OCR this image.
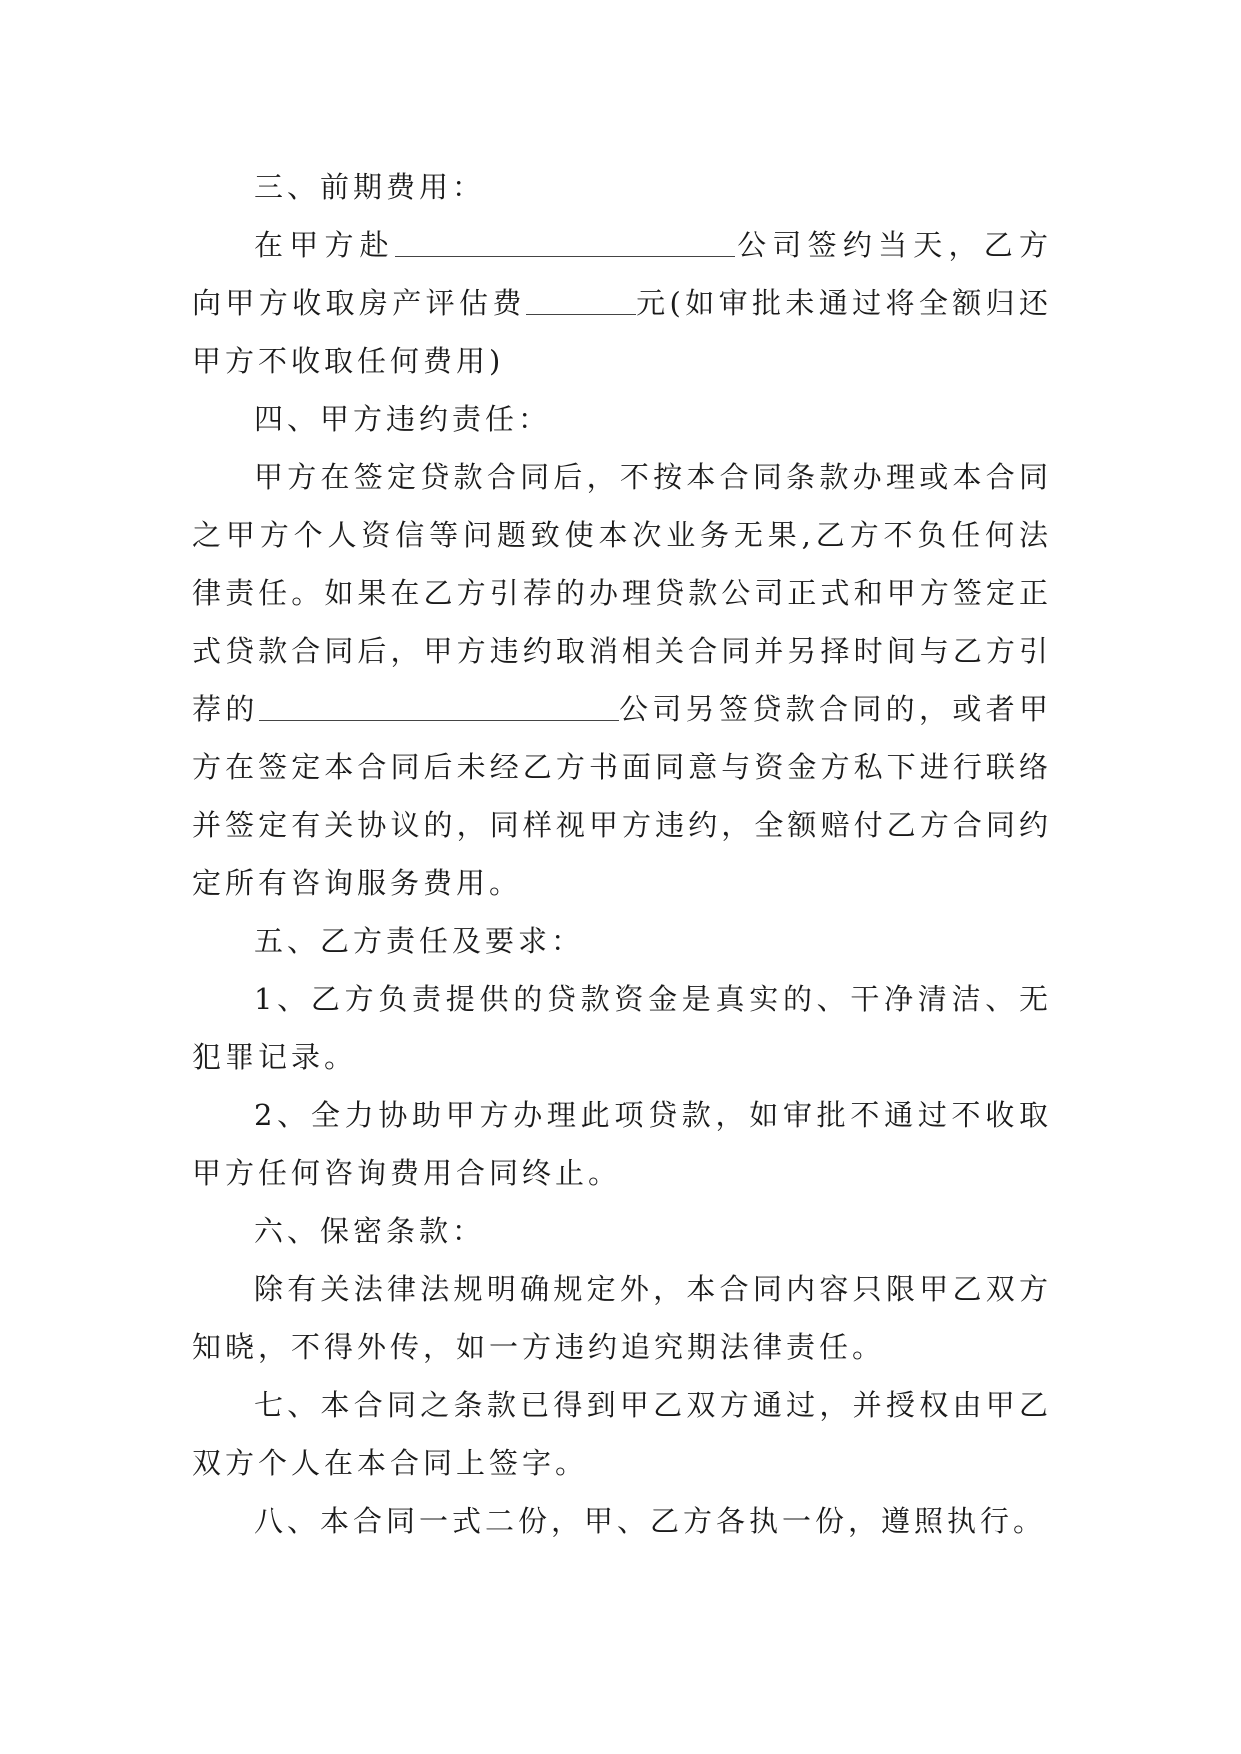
三、前期费用：

在甲方赴	公司签约当天，乙方向甲方收取房产评估费	元(如审批未通过将全额归还甲方不收取任何费用)

四、甲方违约责任：

甲方在签定贷款合同后，不按本合同条款办理或本合同之甲方个人资信等问题致使本次业务无果,乙方不负任何法律责任。如果在乙方引荐的办理贷款公司正式和甲方签定正式贷款合同后，甲方违约取消相关合同并另择时间与乙方引荐的	公司另签贷款合同的，或者甲方在签定本合同后未经乙方书面同意与资金方私下进行联络并签定有关协议的，同样视甲方违约，全额赔付乙方合同约定所有咨询服务费用。

五、乙方责任及要求：

1、乙方负责提供的贷款资金是真实的、干净清洁、无犯罪记录。

2、全力协助甲方办理此项贷款，如审批不通过不收取甲方任何咨询费用合同终止。

六、保密条款：

除有关法律法规明确规定外，本合同内容只限甲乙双方知晓，不得外传，如一方违约追究期法律责任。

七、本合同之条款已得到甲乙双方通过，并授权由甲乙双方个人在本合同上签字。

八、本合同一式二份，甲、乙方各执一份，遵照执行。
